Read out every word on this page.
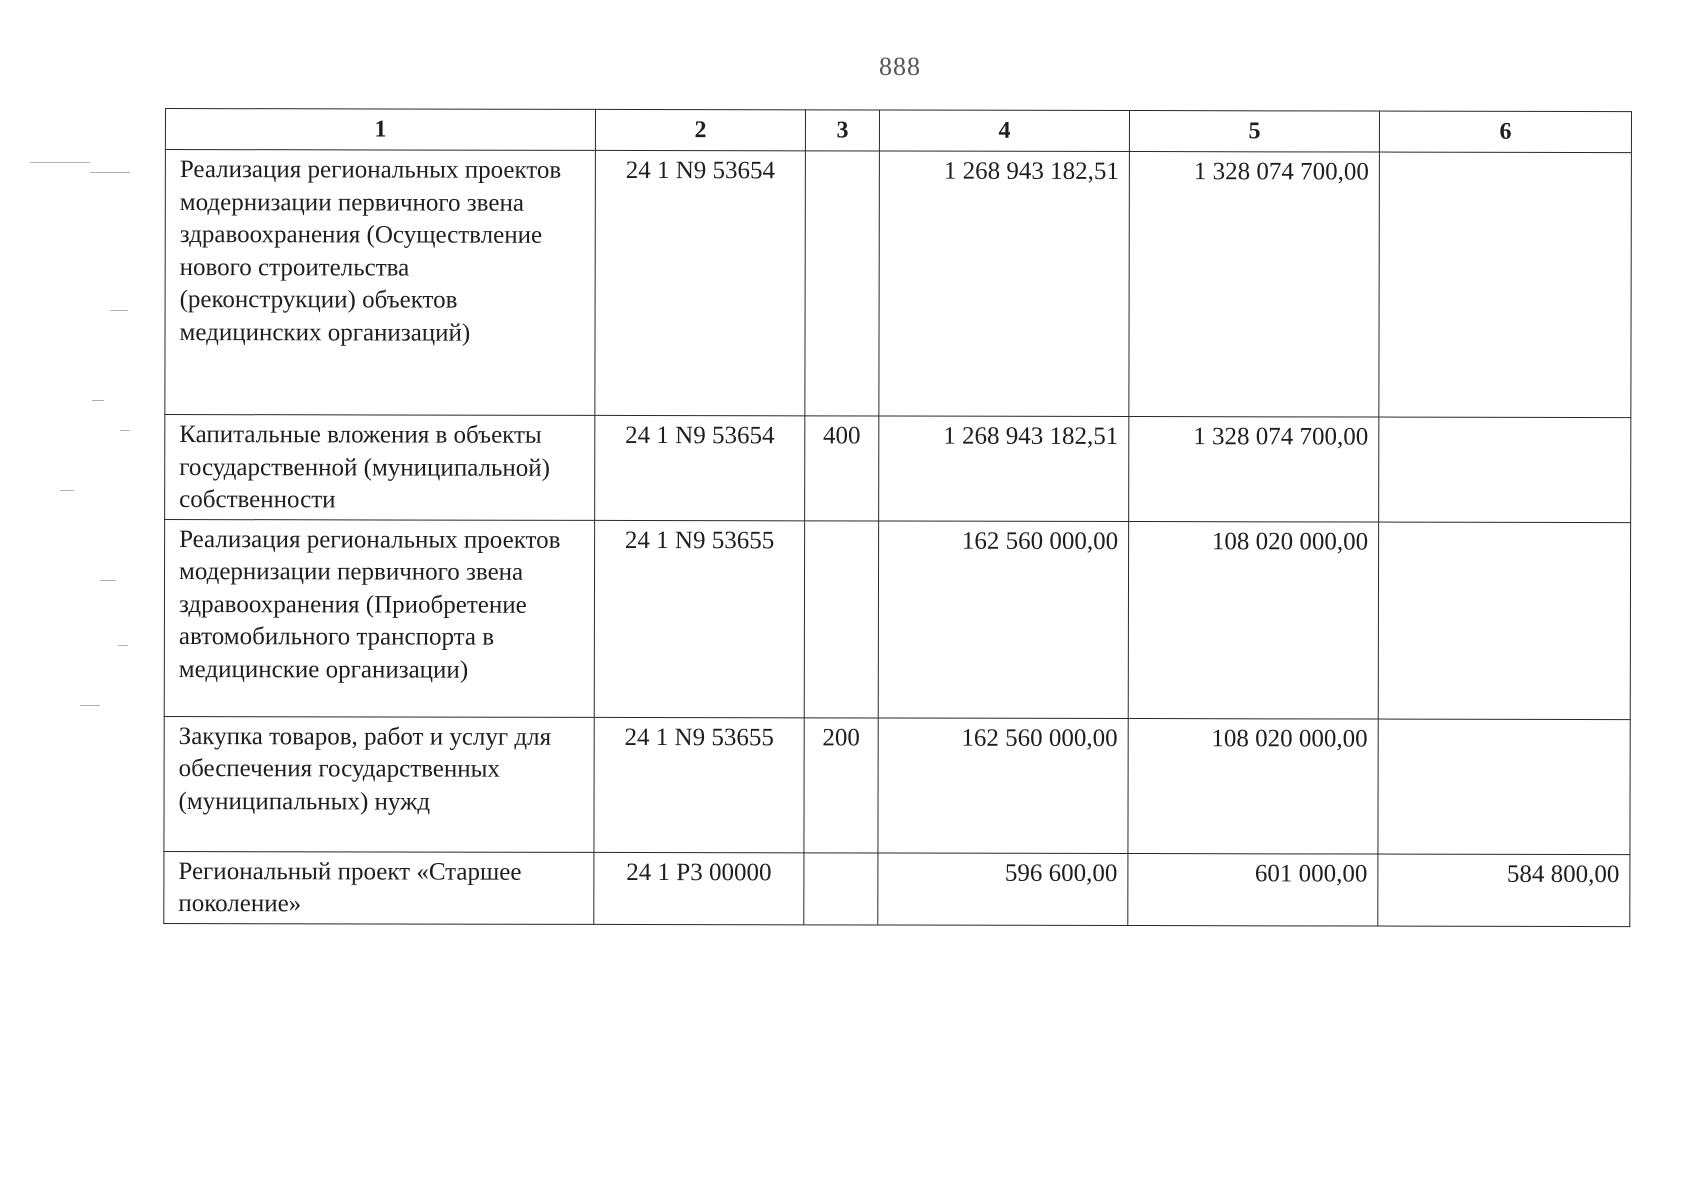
888
1	2	3	4	5	6
Реализация региональных проектов модернизации первичного звена здравоохранения (Осуществление нового строительства (реконструкции) объектов медицинских организаций)	24 1 N9 53654		1 268 943 182,51	1 328 074 700,00	
Капитальные вложения в объекты государственной (муниципальной) собственности	24 1 N9 53654	400	1 268 943 182,51	1 328 074 700,00	
Реализация региональных проектов модернизации первичного звена здравоохранения (Приобретение автомобильного транспорта в медицинские организации)	24 1 N9 53655		162 560 000,00	108 020 000,00	
Закупка товаров, работ и услуг для обеспечения государственных (муниципальных) нужд	24 1 N9 53655	200	162 560 000,00	108 020 000,00	
Региональный проект «Старшее поколение»	24 1 P3 00000		596 600,00	601 000,00	584 800,00
